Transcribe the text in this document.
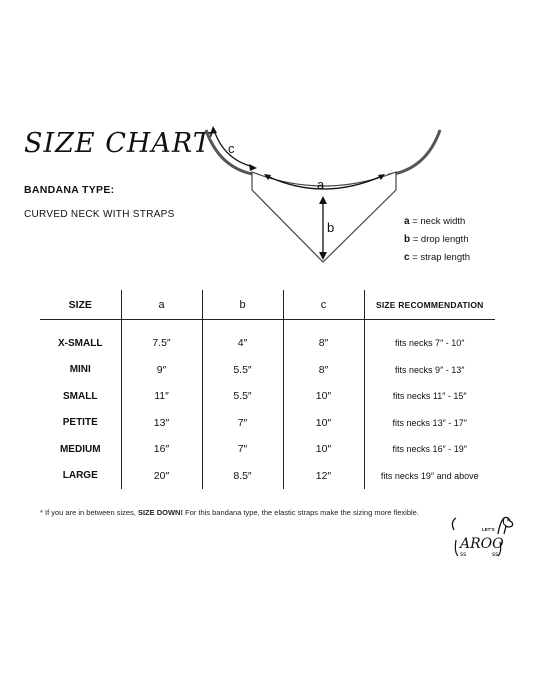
SIZE CHART
BANDANA TYPE:
CURVED NECK WITH STRAPS
a
b
c
a = neck width
b = drop length
c = strap length
SIZE	a	b	c	SIZE RECOMMENDATION
X-SMALL	7.5″	4″	8″	fits necks 7″ - 10″
MINI	9″	5.5″	8″	fits necks 9″ - 13″
SMALL	11″	5.5″	10″	fits necks 11″ - 15″
PETITE	13″	7″	10″	fits necks 13″ - 17″
MEDIUM	16″	7″	10″	fits necks 16″ - 19″
LARGE	20″	8.5″	12″	fits necks 19″ and above
* If you are in between sizes, SIZE DOWN! For this bandana type, the elastic straps make the sizing more flexible.
ss	ss
LET'S
AROO
